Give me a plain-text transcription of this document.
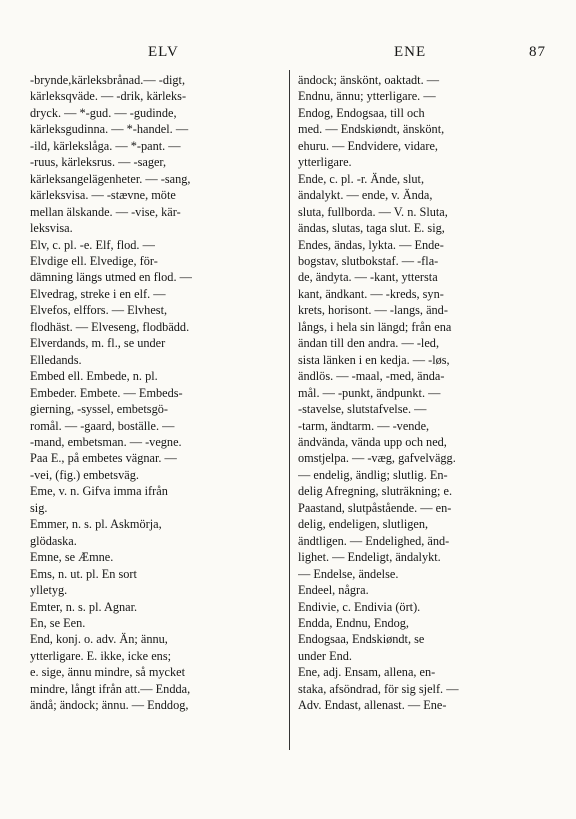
ELV	ENE	87
-brynde,kärleksbrånad.— -digt,
kärleksqväde. — -drik, kärleks-
dryck. — *-gud. — -gudinde,
kärleksgudinna. — *-handel. —
-ild, kärlekslåga. — *-pant. —
-ruus, kärleksrus. — -sager,
kärleksangelägenheter. — -sang,
kärleksvisa. — -stævne, möte
mellan älskande. — -vise, kär-
leksvisa.
Elv, c. pl. -e. Elf, flod. —
Elvdige ell. Elvedige, för-
dämning längs utmed en flod. —
Elvedrag, streke i en elf. —
Elvefos, elffors. — Elvhest,
flodhäst. — Elveseng, flodbädd.
Elverdands, m. fl., se under
Elledands.
Embed ell. Embede, n. pl.
Embeder. Embete. — Embeds-
gierning, -syssel, embetsgö-
romål. — -gaard, boställe. —
-mand, embetsman. — -vegne.
Paa E., på embetes vägnar. —
-vei, (fig.) embetsväg.
Eme, v. n. Gifva imma ifrån
sig.
Emmer, n. s. pl. Askmörja,
glödaska.
Emne, se Æmne.
Ems, n. ut. pl. En sort
ylletyg.
Emter, n. s. pl. Agnar.
En, se Een.
End, konj. o. adv. Än; ännu,
ytterligare. E. ikke, icke ens;
e. sige, ännu mindre, så mycket
mindre, långt ifrån att.— Endda,
ändå; ändock; ännu. — Enddog,
ändock; änskönt, oaktadt. —
Endnu, ännu; ytterligare. —
Endog, Endogsaa, till och
med. — Endskiøndt, änskönt,
ehuru. — Endvidere, vidare,
ytterligare.
Ende, c. pl. -r. Ände, slut,
ändalykt. — ende, v. Ända,
sluta, fullborda. — V. n. Sluta,
ändas, slutas, taga slut. E. sig,
Endes, ändas, lykta. — Ende-
bogstav, slutbokstaf. — -fla-
de, ändyta. — -kant, yttersta
kant, ändkant. — -kreds, syn-
krets, horisont. — -langs, änd-
långs, i hela sin längd; från ena
ändan till den andra. — -led,
sista länken i en kedja. — -løs,
ändlös. — -maal, -med, ända-
mål. — -punkt, ändpunkt. —
-stavelse, slutstafvelse. —
-tarm, ändtarm. — -vende,
ändvända, vända upp och ned,
omstjelpa. — -væg, gafvelvägg.
— endelig, ändlig; slutlig. En-
delig Afregning, sluträkning; e.
Paastand, slutpåstående. — en-
delig, endeligen, slutligen,
ändtligen. — Endelighed, änd-
lighet. — Endeligt, ändalykt.
— Endelse, ändelse.
Endeel, några.
Endivie, c. Endivia (ört).
Endda, Endnu, Endog,
Endogsaa, Endskiøndt, se
under End.
Ene, adj. Ensam, allena, en-
staka, afsöndrad, för sig sjelf. —
Adv. Endast, allenast. — Ene-
